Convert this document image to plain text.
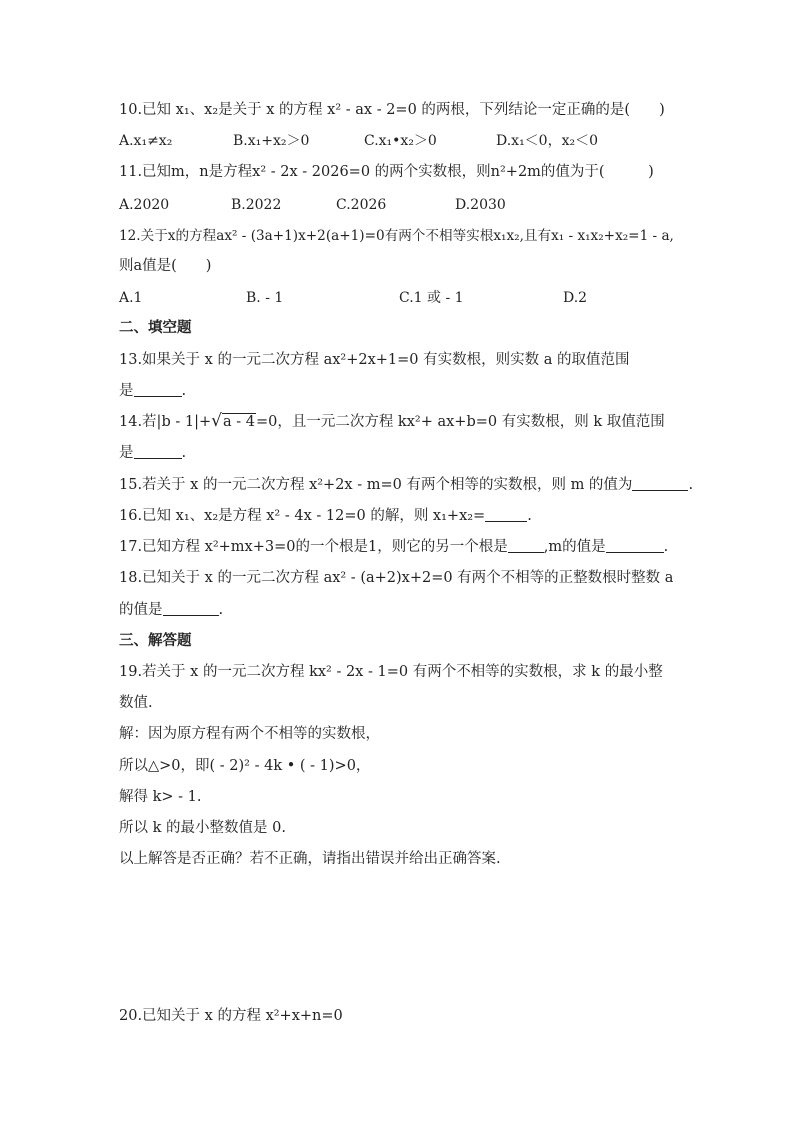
10.已知 x₁、x₂是关于 x 的方程 x² - ax - 2=0 的两根，下列结论一定正确的是(　　)
A.x₁≠x₂	B.x₁+x₂＞0	C.x₁•x₂＞0	D.x₁＜0，x₂＜0
11.已知m，n是方程x² - 2x - 2026=0 的两个实数根，则n²+2m的值为于(　　　)
A.2020	B.2022	C.2026	D.2030
12.关于x的方程ax² - (3a+1)x+2(a+1)=0有两个不相等实根x₁x₂,且有x₁ - x₁x₂+x₂=1 - a,
则a值是(　　)
A.1	B. - 1	C.1 或 - 1	D.2
二、填空题
13.如果关于 x 的一元二次方程 ax²+2x+1=0 有实数根，则实数 a 的取值范围
是	.
14.若|b - 1|+√a - 4=0，且一元二次方程 kx²+ ax+b=0 有实数根，则 k 取值范围
是	.
15.若关于 x 的一元二次方程 x²+2x - m=0 有两个相等的实数根，则 m 的值为	.
16.已知 x₁、x₂是方程 x² - 4x - 12=0 的解，则 x₁+x₂=	.
17.已知方程 x²+mx+3=0的一个根是1，则它的另一个根是 ,m的值是	.
18.已知关于 x 的一元二次方程 ax² - (a+2)x+2=0 有两个不相等的正整数根时整数 a
的值是	.
三、解答题
19.若关于 x 的一元二次方程 kx² - 2x - 1=0 有两个不相等的实数根，求 k 的最小整
数值.
解：因为原方程有两个不相等的实数根，
所以△>0，即( - 2)² - 4k • ( - 1)>0，
解得 k> - 1.
所以 k 的最小整数值是 0.
以上解答是否正确？若不正确，请指出错误并给出正确答案.
20.已知关于 x 的方程 x²+x+n=0
